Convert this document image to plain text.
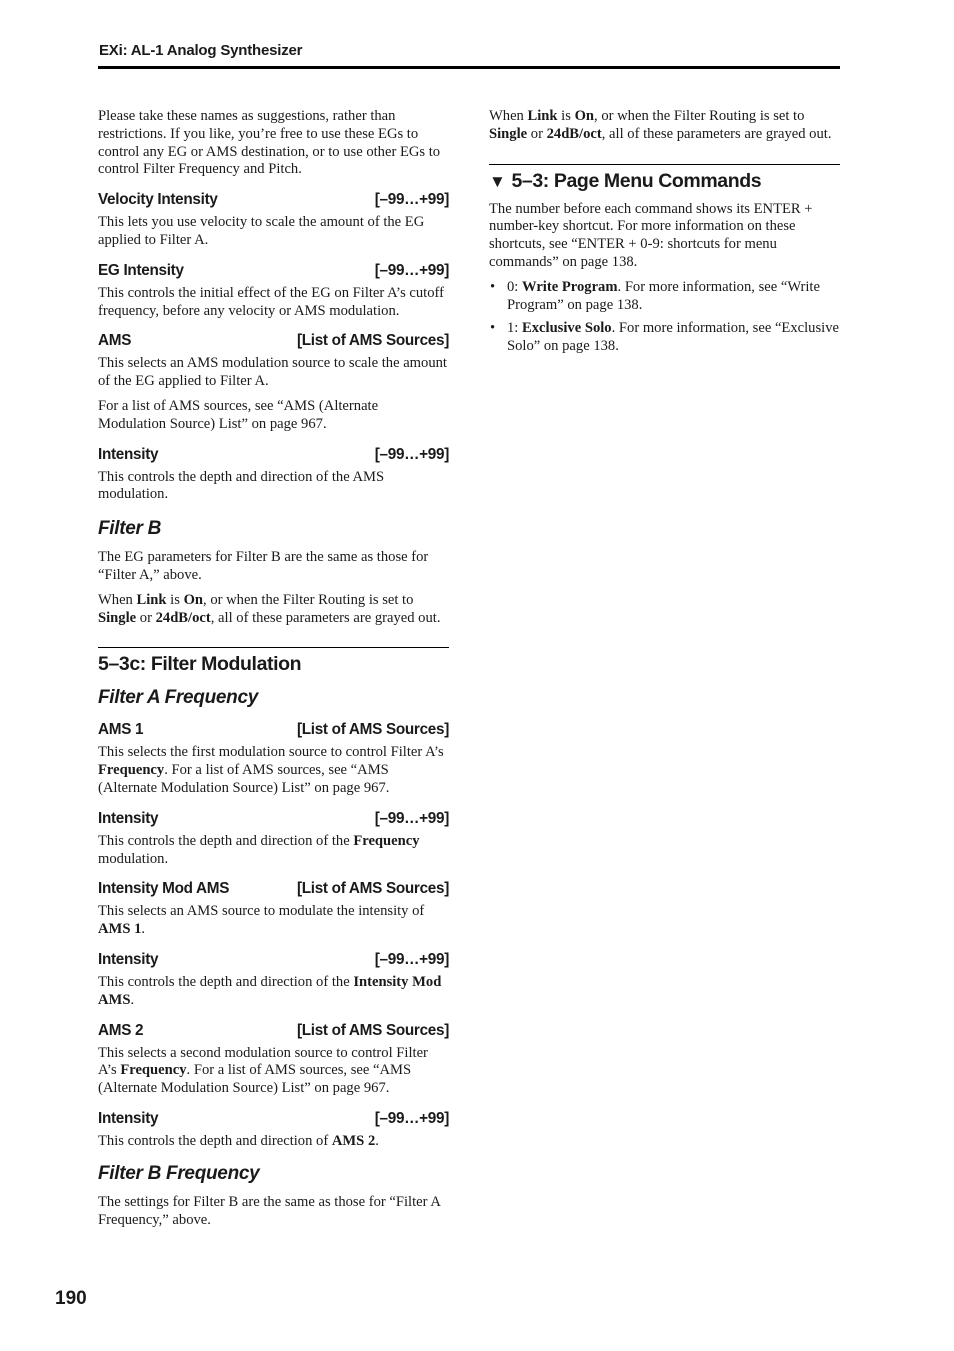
EXi: AL-1 Analog Synthesizer

Please take these names as suggestions, rather than restrictions. If you like, you’re free to use these EGs to control any EG or AMS destination, or to use other EGs to control Filter Frequency and Pitch.

Velocity Intensity	[–99…+99]

This lets you use velocity to scale the amount of the EG applied to Filter A.

EG Intensity	[–99…+99]

This controls the initial effect of the EG on Filter A’s cutoff frequency, before any velocity or AMS modulation.

AMS	[List of AMS Sources]

This selects an AMS modulation source to scale the amount of the EG applied to Filter A.

For a list of AMS sources, see “AMS (Alternate Modulation Source) List” on page 967.

Intensity	[–99…+99]

This controls the depth and direction of the AMS modulation.

Filter B

The EG parameters for Filter B are the same as those for “Filter A,” above.

When Link is On, or when the Filter Routing is set to Single or 24dB/oct, all of these parameters are grayed out.

5–3c: Filter Modulation
Filter A Frequency
AMS 1	[List of AMS Sources]

This selects the first modulation source to control Filter A’s Frequency. For a list of AMS sources, see “AMS (Alternate Modulation Source) List” on page 967.

Intensity	[–99…+99]

This controls the depth and direction of the Frequency modulation.

Intensity Mod AMS	[List of AMS Sources]

This selects an AMS source to modulate the intensity of AMS 1.

Intensity	[–99…+99]

This controls the depth and direction of the Intensity Mod AMS.

AMS 2	[List of AMS Sources]

This selects a second modulation source to control Filter A’s Frequency. For a list of AMS sources, see “AMS (Alternate Modulation Source) List” on page 967.

Intensity	[–99…+99]

This controls the depth and direction of AMS 2.

Filter B Frequency

The settings for Filter B are the same as those for “Filter A Frequency,” above.

When Link is On, or when the Filter Routing is set to Single or 24dB/oct, all of these parameters are grayed out.

▼ 5–3: Page Menu Commands

The number before each command shows its ENTER + number-key shortcut. For more information on these shortcuts, see “ENTER + 0-9: shortcuts for menu commands” on page 138.

• 0: Write Program. For more information, see “Write Program” on page 138.
• 1: Exclusive Solo. For more information, see “Exclusive Solo” on page 138.
190
